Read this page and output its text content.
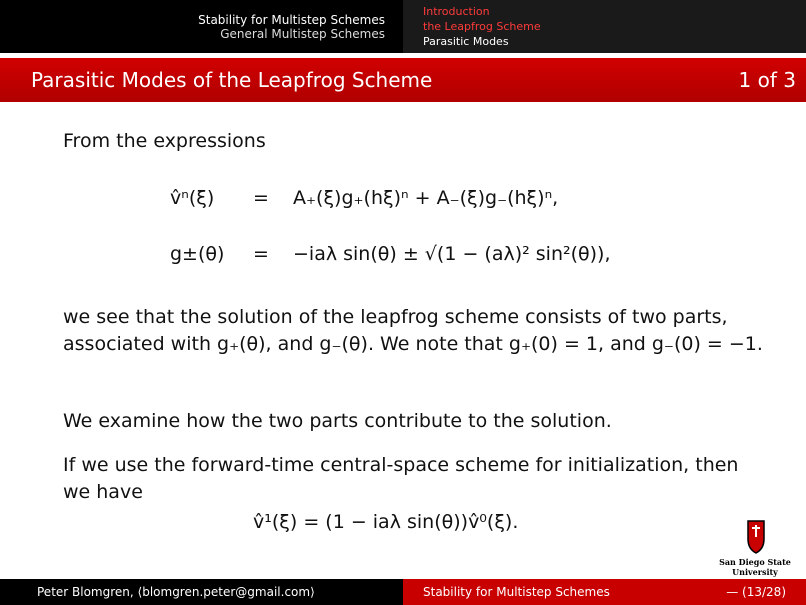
Stability for Multistep Schemes
General Multistep Schemes
Introduction
the Leapfrog Scheme
Parasitic Modes
Parasitic Modes of the Leapfrog Scheme	1 of 3
From the expressions
v̂ⁿ(ξ) = A₊(ξ)g₊(hξ)ⁿ + A₋(ξ)g₋(hξ)ⁿ,
g±(θ) = −iaλ sin(θ) ± √(1 − (aλ)² sin²(θ)),
we see that the solution of the leapfrog scheme consists of two parts, associated with g₊(θ), and g₋(θ). We note that g₊(0) = 1, and g₋(0) = −1.
We examine how the two parts contribute to the solution.
If we use the forward-time central-space scheme for initialization, then we have
v̂¹(ξ) = (1 − iaλ sin(θ))v̂⁰(ξ).
San Diego State
University
Peter Blomgren, ⟨blomgren.peter@gmail.com⟩	Stability for Multistep Schemes	— (13/28)
